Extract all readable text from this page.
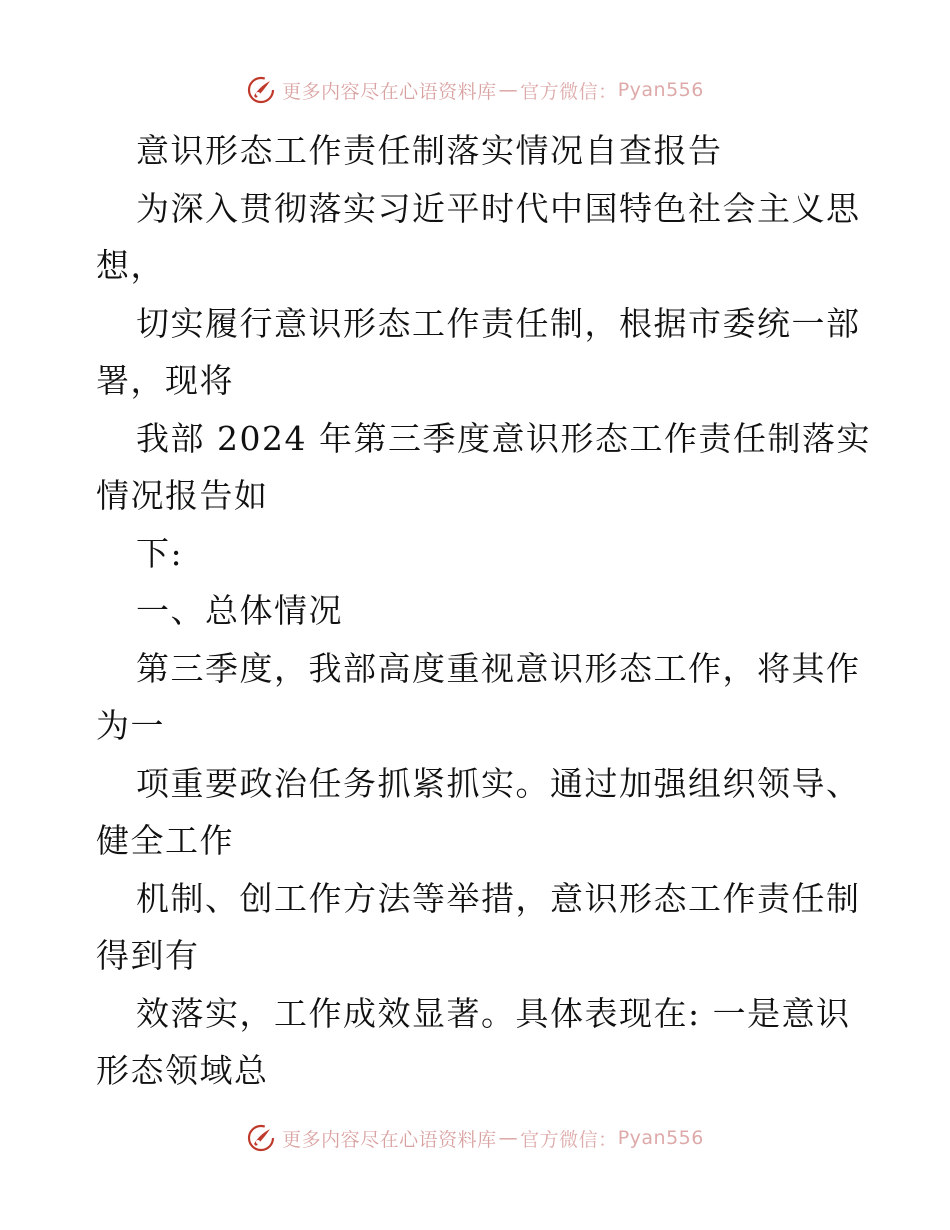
更多内容尽在心语资料库 — 官方微信： Pyan556
意识形态工作责任制落实情况自查报告
为深入贯彻落实习近平时代中国特色社会主义思
想，
切实履行意识形态工作责任制，根据市委统一部
署，现将
我部 2024 年第三季度意识形态工作责任制落实
情况报告如
下:
一、总体情况
第三季度，我部高度重视意识形态工作，将其作
为一
项重要政治任务抓紧抓实。通过加强组织领导、
健全工作
机制、创工作方法等举措，意识形态工作责任制
得到有
效落实，工作成效显著。具体表现在: 一是意识
形态领域总
更多内容尽在心语资料库 — 官方微信： Pyan556
